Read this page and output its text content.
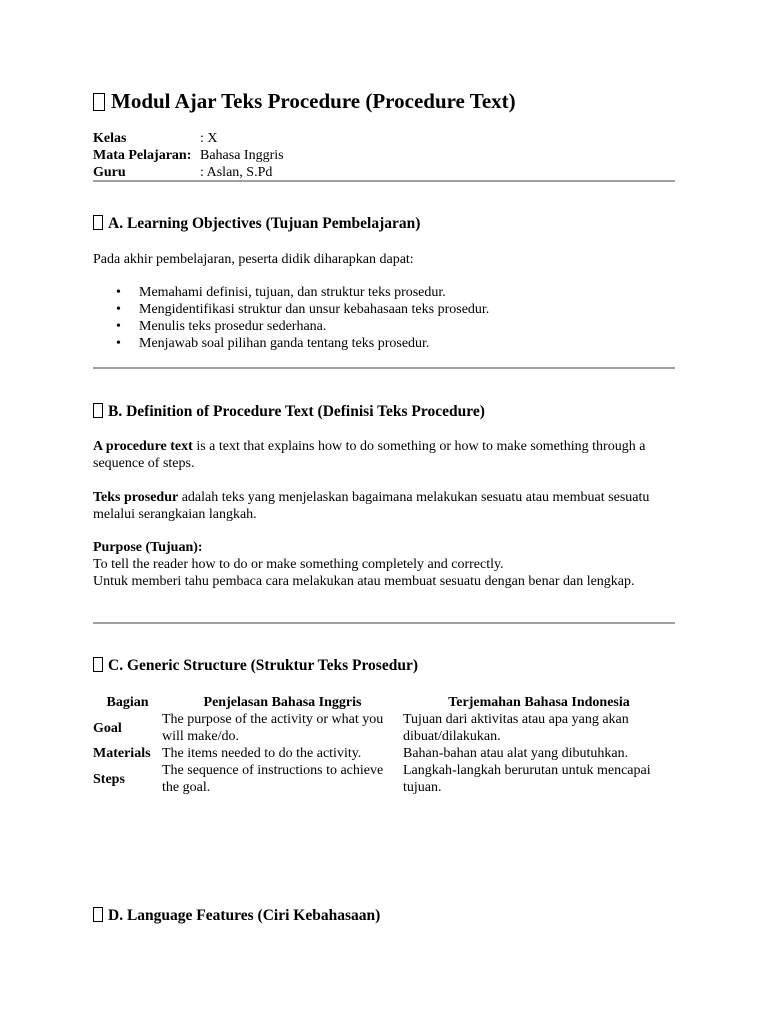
Modul Ajar Teks Procedure (Procedure Text)
Kelas	: X
Mata Pelajaran: Bahasa Inggris
Guru	: Aslan, S.Pd
A. Learning Objectives (Tujuan Pembelajaran)
Pada akhir pembelajaran, peserta didik diharapkan dapat:
• Memahami definisi, tujuan, dan struktur teks prosedur.
• Mengidentifikasi struktur dan unsur kebahasaan teks prosedur.
• Menulis teks prosedur sederhana.
• Menjawab soal pilihan ganda tentang teks prosedur.
B. Definition of Procedure Text (Definisi Teks Procedure)
A procedure text is a text that explains how to do something or how to make something through a sequence of steps.
Teks prosedur adalah teks yang menjelaskan bagaimana melakukan sesuatu atau membuat sesuatu melalui serangkaian langkah.
Purpose (Tujuan):
To tell the reader how to do or make something completely and correctly.
Untuk memberi tahu pembaca cara melakukan atau membuat sesuatu dengan benar dan lengkap.
C. Generic Structure (Struktur Teks Prosedur)
Bagian	Penjelasan Bahasa Inggris	Terjemahan Bahasa Indonesia
Goal	The purpose of the activity or what you will make/do.	Tujuan dari aktivitas atau apa yang akan dibuat/dilakukan.
Materials	The items needed to do the activity.	Bahan-bahan atau alat yang dibutuhkan.
Steps	The sequence of instructions to achieve the goal.	Langkah-langkah berurutan untuk mencapai tujuan.
D. Language Features (Ciri Kebahasaan)
